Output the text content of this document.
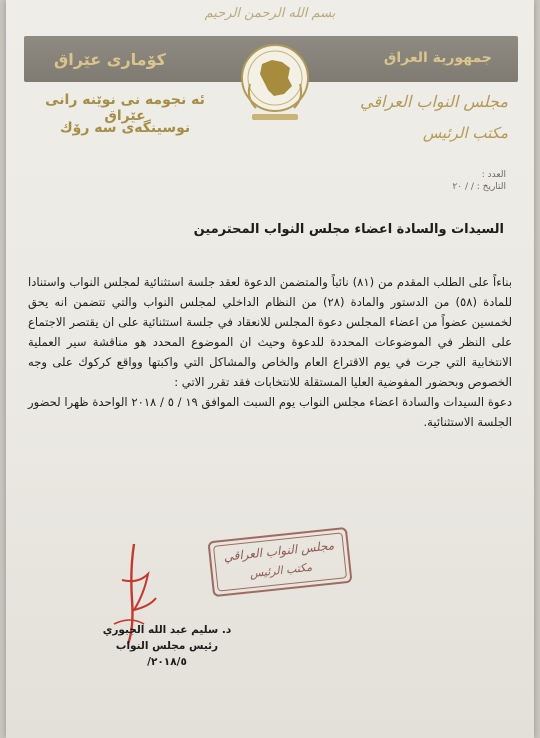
بسم الله الرحمن الرحيم
كۆماری عێراق	جمهورية العراق
ئه نجومه نی نوێنه رانی عێراق
نوسینگه‌ی سه رۆك
مجلس النواب العراقي
مكتب الرئيس
العدد :
التاريخ : / / ٢٠
السيدات والسادة اعضاء مجلس النواب المحترمين

بناءاً على الطلب المقدم من (٨١) نائباً والمتضمن الدعوة لعقد جلسة استثنائية لمجلس النواب واستنادا للمادة (٥٨) من الدستور والمادة (٢٨) من النظام الداخلي لمجلس النواب والتي تتضمن انه يحق لخمسين عضواً من اعضاء المجلس دعوة المجلس للانعقاد في جلسة استثنائية على ان يقتصر الاجتماع على النظر في الموضوعات المحددة للدعوة وحيث ان الموضوع المحدد هو مناقشة سير العملية الانتخابية التي جرت في يوم الاقتراع العام والخاص والمشاكل التي واكبتها وواقع كركوك على وجه الخصوص وبحضور المفوضية العليا المستقلة للانتخابات فقد تقرر الاتي :

دعوة السيدات والسادة اعضاء مجلس النواب يوم السبت الموافق ١٩ / ٥ / ٢٠١٨ الواحدة ظهرا لحضور الجلسة الاستثنائية.

مجلس النواب العراقي
مكتب الرئيس
د. سليم عبد الله الجبوري
رئيس مجلس النواب
٢٠١٨/٥/
